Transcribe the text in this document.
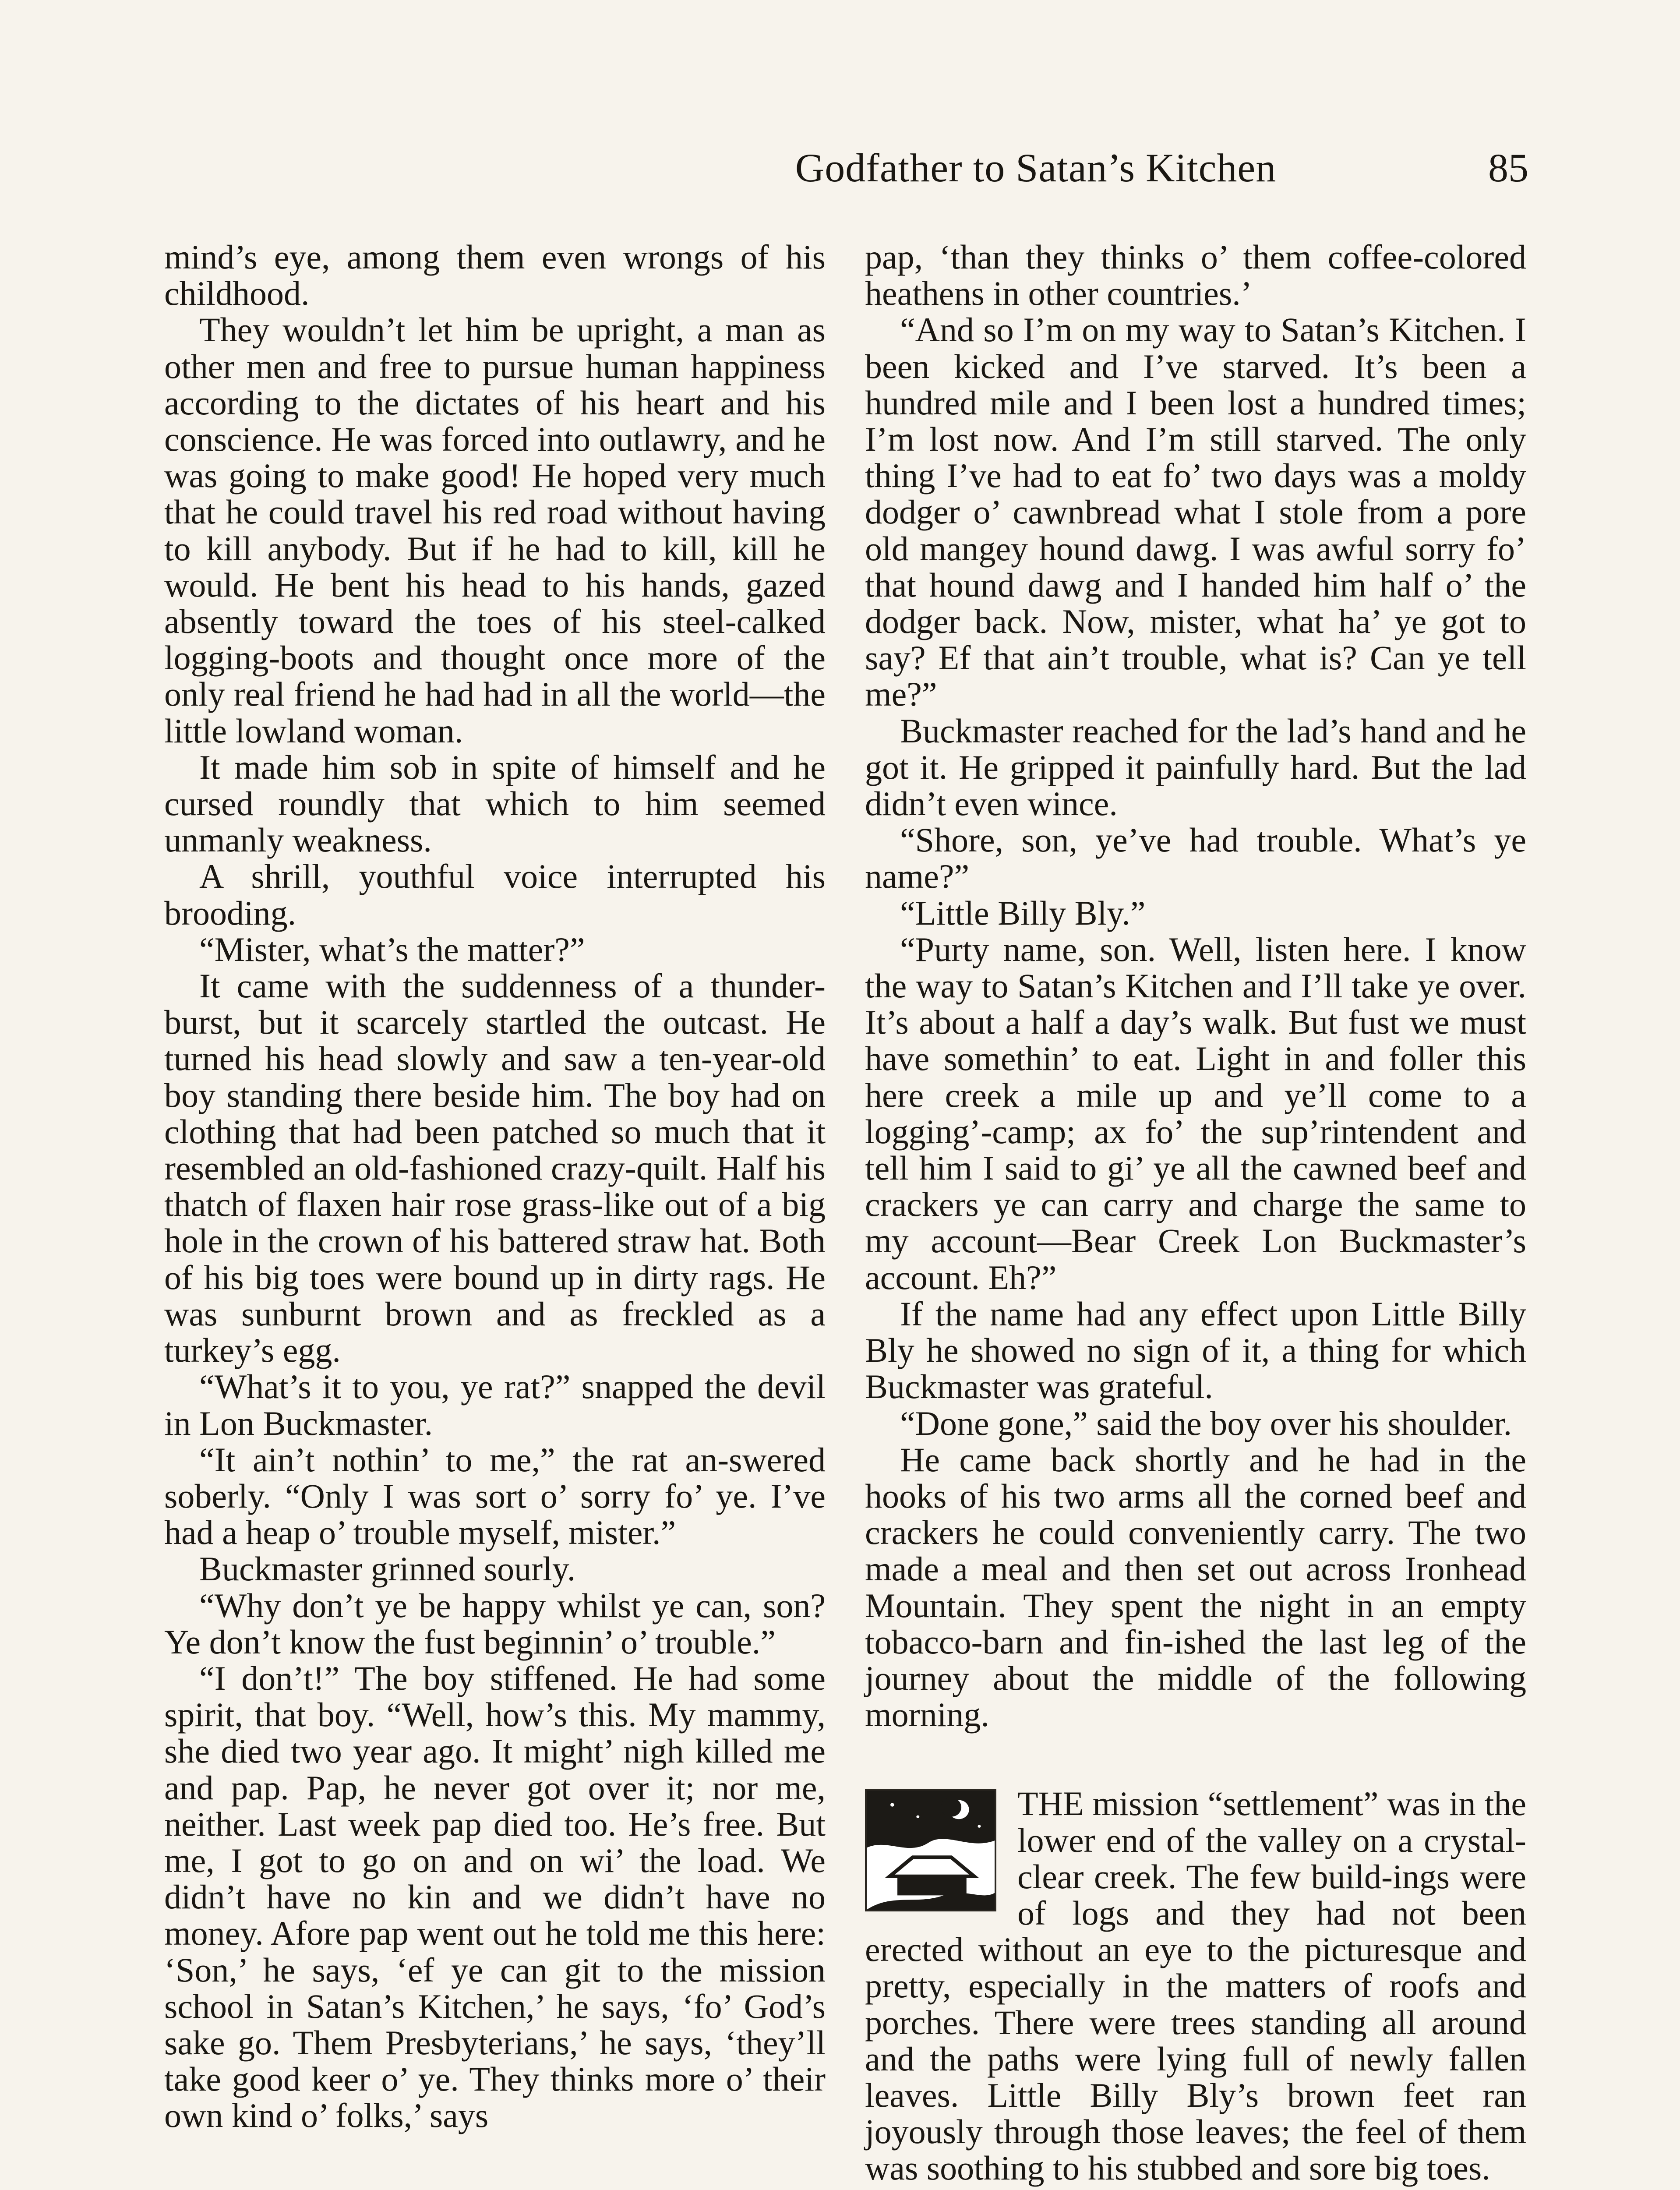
Godfather to Satan’s Kitchen	85

mind’s eye, among them even wrongs of his childhood.

They wouldn’t let him be upright, a man as other men and free to pursue human happiness according to the dictates of his heart and his conscience. He was forced into outlawry, and he was going to make good! He hoped very much that he could travel his red road without having to kill anybody. But if he had to kill, kill he would. He bent his head to his hands, gazed absently toward the toes of his steel-calked logging-boots and thought once more of the only real friend he had had in all the world—the little lowland woman.

It made him sob in spite of himself and he cursed roundly that which to him seemed unmanly weakness.

A shrill, youthful voice interrupted his brooding.

“Mister, what’s the matter?”

It came with the suddenness of a thunder-burst, but it scarcely startled the outcast. He turned his head slowly and saw a ten-year-old boy standing there beside him. The boy had on clothing that had been patched so much that it resembled an old-fashioned crazy-quilt. Half his thatch of flaxen hair rose grass-like out of a big hole in the crown of his battered straw hat. Both of his big toes were bound up in dirty rags. He was sunburnt brown and as freckled as a turkey’s egg.

“What’s it to you, ye rat?” snapped the devil in Lon Buckmaster.

“It ain’t nothin’ to me,” the rat an-swered soberly. “Only I was sort o’ sorry fo’ ye. I’ve had a heap o’ trouble myself, mister.”

Buckmaster grinned sourly.

“Why don’t ye be happy whilst ye can, son? Ye don’t know the fust beginnin’ o’ trouble.”

“I don’t!” The boy stiffened. He had some spirit, that boy. “Well, how’s this. My mammy, she died two year ago. It might’ nigh killed me and pap. Pap, he never got over it; nor me, neither. Last week pap died too. He’s free. But me, I got to go on and on wi’ the load. We didn’t have no kin and we didn’t have no money. Afore pap went out he told me this here: ‘Son,’ he says, ‘ef ye can git to the mission school in Satan’s Kitchen,’ he says, ‘fo’ God’s sake go. Them Presbyterians,’ he says, ‘they’ll take good keer o’ ye. They thinks more o’ their own kind o’ folks,’ says

pap, ‘than they thinks o’ them coffee-colored heathens in other countries.’

“And so I’m on my way to Satan’s Kitchen. I been kicked and I’ve starved. It’s been a hundred mile and I been lost a hundred times; I’m lost now. And I’m still starved. The only thing I’ve had to eat fo’ two days was a moldy dodger o’ cawnbread what I stole from a pore old mangey hound dawg. I was awful sorry fo’ that hound dawg and I handed him half o’ the dodger back. Now, mister, what ha’ ye got to say? Ef that ain’t trouble, what is? Can ye tell me?”

Buckmaster reached for the lad’s hand and he got it. He gripped it painfully hard. But the lad didn’t even wince.

“Shore, son, ye’ve had trouble. What’s ye name?”

“Little Billy Bly.”

“Purty name, son. Well, listen here. I know the way to Satan’s Kitchen and I’ll take ye over. It’s about a half a day’s walk. But fust we must have somethin’ to eat. Light in and foller this here creek a mile up and ye’ll come to a logging’-camp; ax fo’ the sup’rintendent and tell him I said to gi’ ye all the cawned beef and crackers ye can carry and charge the same to my account—Bear Creek Lon Buckmaster’s account. Eh?”

If the name had any effect upon Little Billy Bly he showed no sign of it, a thing for which Buckmaster was grateful.

“Done gone,” said the boy over his shoulder.

He came back shortly and he had in the hooks of his two arms all the corned beef and crackers he could conveniently carry. The two made a meal and then set out across Ironhead Mountain. They spent the night in an empty tobacco-barn and fin-ished the last leg of the journey about the middle of the following morning.

THE mission “settlement” was in the lower end of the valley on a crystal-clear creek. The few build-ings were of logs and they had not been erected without an eye to the picturesque and pretty, especially in the matters of roofs and porches. There were trees standing all around and the paths were lying full of newly fallen leaves. Little Billy Bly’s brown feet ran joyously through those leaves; the feel of them was soothing to his stubbed and sore big toes.
